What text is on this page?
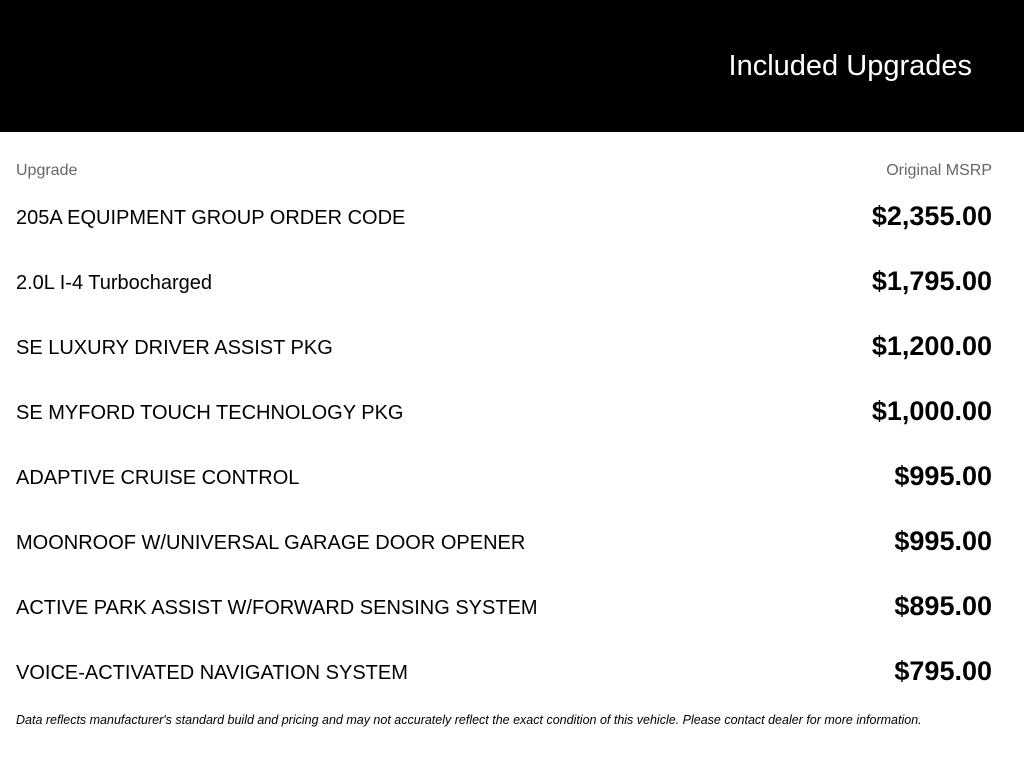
Included Upgrades
Upgrade	Original MSRP
205A EQUIPMENT GROUP ORDER CODE	$2,355.00
2.0L I-4 Turbocharged	$1,795.00
SE LUXURY DRIVER ASSIST PKG	$1,200.00
SE MYFORD TOUCH TECHNOLOGY PKG	$1,000.00
ADAPTIVE CRUISE CONTROL	$995.00
MOONROOF W/UNIVERSAL GARAGE DOOR OPENER	$995.00
ACTIVE PARK ASSIST W/FORWARD SENSING SYSTEM	$895.00
VOICE-ACTIVATED NAVIGATION SYSTEM	$795.00
Data reflects manufacturer's standard build and pricing and may not accurately reflect the exact condition of this vehicle. Please contact dealer for more information.
